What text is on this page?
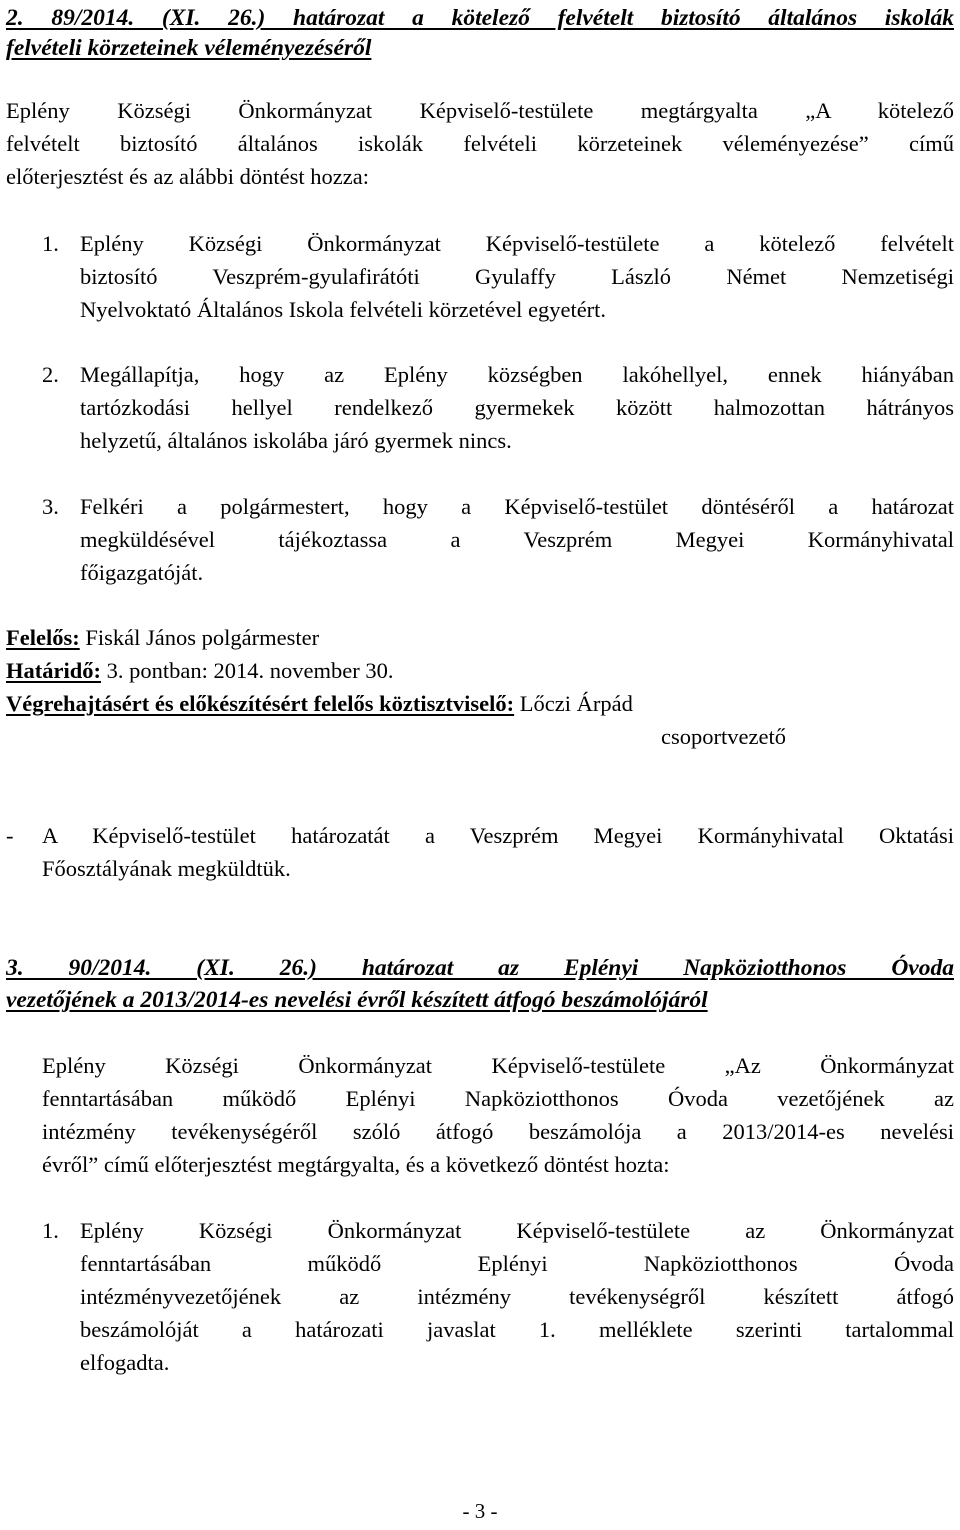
2. 89/2014. (XI. 26.) határozat a kötelező felvételt biztosító általános iskolák
felvételi körzeteinek véleményezéséről
Eplény Községi Önkormányzat Képviselő-testülete megtárgyalta „A kötelező
felvételt biztosító általános iskolák felvételi körzeteinek véleményezése” című
előterjesztést és az alábbi döntést hozza:
1. Eplény Községi Önkormányzat Képviselő-testülete a kötelező felvételt
biztosító Veszprém-gyulafirátóti Gyulaffy László Német Nemzetiségi
Nyelvoktató Általános Iskola felvételi körzetével egyetért.
2. Megállapítja, hogy az Eplény községben lakóhellyel, ennek hiányában
tartózkodási hellyel rendelkező gyermekek között halmozottan hátrányos
helyzetű, általános iskolába járó gyermek nincs.
3. Felkéri a polgármestert, hogy a Képviselő-testület döntéséről a határozat
megküldésével tájékoztassa a Veszprém Megyei Kormányhivatal
főigazgatóját.
Felelős: Fiskál János polgármester
Határidő: 3. pontban: 2014. november 30.
Végrehajtásért és előkészítésért felelős köztisztviselő: Lőczi Árpád
csoportvezető
- A Képviselő-testület határozatát a Veszprém Megyei Kormányhivatal Oktatási
Főosztályának megküldtük.
3. 90/2014. (XI. 26.) határozat az Eplényi Napköziotthonos Óvoda
vezetőjének a 2013/2014-es nevelési évről készített átfogó beszámolójáról
Eplény Községi Önkormányzat Képviselő-testülete „Az Önkormányzat
fenntartásában működő Eplényi Napköziotthonos Óvoda vezetőjének az
intézmény tevékenységéről szóló átfogó beszámolója a 2013/2014-es nevelési
évről” című előterjesztést megtárgyalta, és a következő döntést hozta:
1. Eplény Községi Önkormányzat Képviselő-testülete az Önkormányzat
fenntartásában működő Eplényi Napköziotthonos Óvoda
intézményvezetőjének az intézmény tevékenységről készített átfogó
beszámolóját a határozati javaslat 1. melléklete szerinti tartalommal
elfogadta.
- 3 -
